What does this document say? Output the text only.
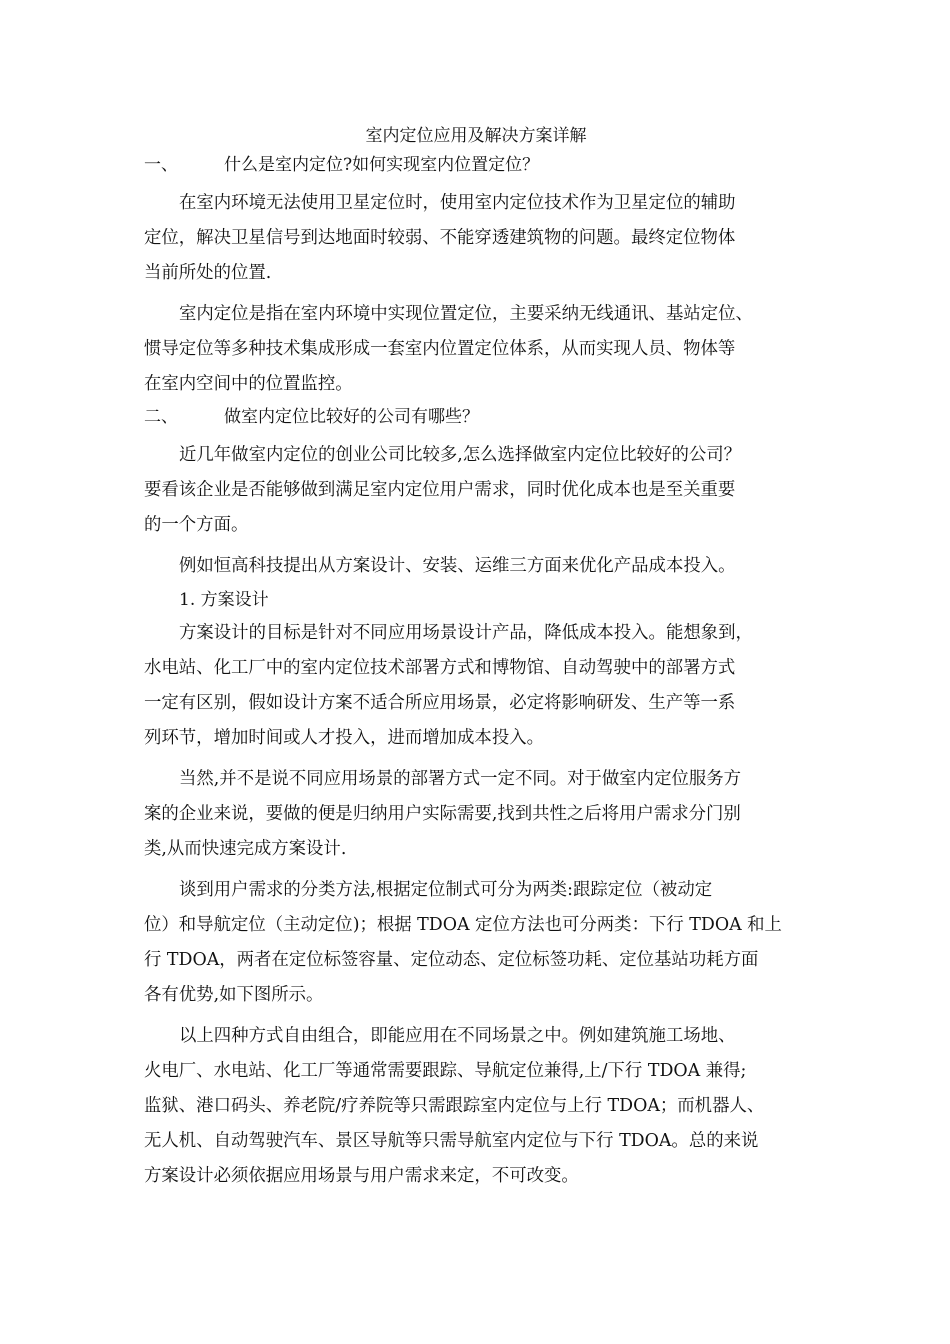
室内定位应用及解决方案详解
一、	什么是室内定位?如何实现室内位置定位？

在室内环境无法使用卫星定位时，使用室内定位技术作为卫星定位的辅助
定位，解决卫星信号到达地面时较弱、不能穿透建筑物的问题。最终定位物体
当前所处的位置.

室内定位是指在室内环境中实现位置定位，主要采纳无线通讯、基站定位、
惯导定位等多种技术集成形成一套室内位置定位体系，从而实现人员、物体等
在室内空间中的位置监控。

二、	做室内定位比较好的公司有哪些？

近几年做室内定位的创业公司比较多,怎么选择做室内定位比较好的公司？
要看该企业是否能够做到满足室内定位用户需求，同时优化成本也是至关重要
的一个方面。

例如恒高科技提出从方案设计、安装、运维三方面来优化产品成本投入。

1. 方案设计

方案设计的目标是针对不同应用场景设计产品，降低成本投入。能想象到，
水电站、化工厂中的室内定位技术部署方式和博物馆、自动驾驶中的部署方式
一定有区别，假如设计方案不适合所应用场景，必定将影响研发、生产等一系
列环节，增加时间或人才投入，进而增加成本投入。

当然,并不是说不同应用场景的部署方式一定不同。对于做室内定位服务方
案的企业来说，要做的便是归纳用户实际需要,找到共性之后将用户需求分门别
类,从而快速完成方案设计.

谈到用户需求的分类方法,根据定位制式可分为两类:跟踪定位（被动定
位）和导航定位（主动定位)；根据 TDOA 定位方法也可分两类：下行 TDOA 和上
行 TDOA，两者在定位标签容量、定位动态、定位标签功耗、定位基站功耗方面
各有优势,如下图所示。

以上四种方式自由组合，即能应用在不同场景之中。例如建筑施工场地、
火电厂、水电站、化工厂等通常需要跟踪、导航定位兼得,上/下行 TDOA 兼得;
监狱、港口码头、养老院/疗养院等只需跟踪室内定位与上行 TDOA；而机器人、
无人机、自动驾驶汽车、景区导航等只需导航室内定位与下行 TDOA。总的来说
方案设计必须依据应用场景与用户需求来定，不可改变。
